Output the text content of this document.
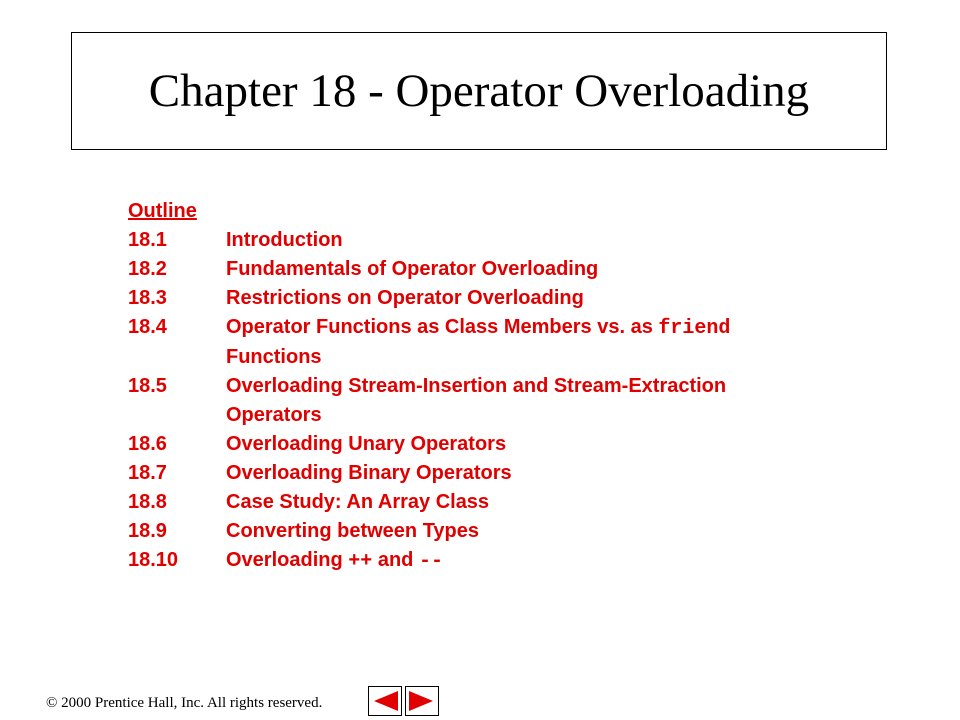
Chapter 18 - Operator Overloading
Outline
18.1	Introduction
18.2	Fundamentals of Operator Overloading
18.3	Restrictions on Operator Overloading
18.4	Operator Functions as Class Members vs. as friend
Functions
18.5	Overloading Stream-Insertion and Stream-Extraction
Operators
18.6	Overloading Unary Operators
18.7	Overloading Binary Operators
18.8	Case Study: An Array Class
18.9	Converting between Types
18.10	Overloading ++ and --
© 2000 Prentice Hall, Inc. All rights reserved.
